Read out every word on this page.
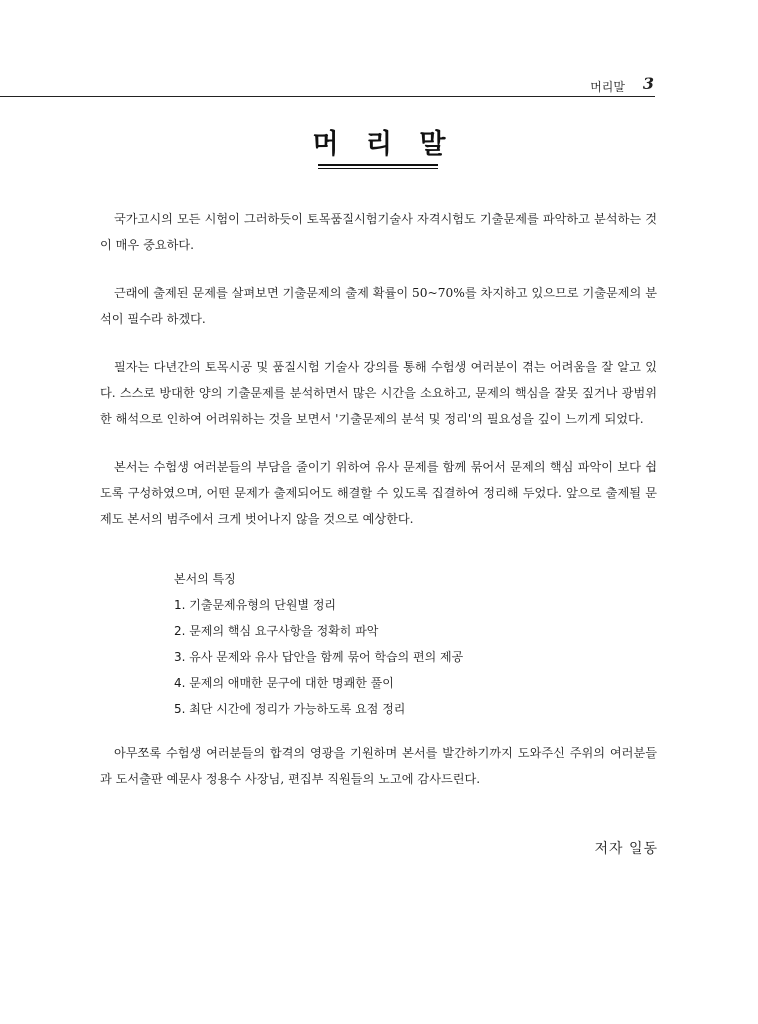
머리말 3
머 리 말

국가고시의 모든 시험이 그러하듯이 토목품질시험기술사 자격시험도 기출문제를 파악하고 분석하는 것이 매우 중요하다.

근래에 출제된 문제를 살펴보면 기출문제의 출제 확률이 50~70%를 차지하고 있으므로 기출문제의 분석이 필수라 하겠다.

필자는 다년간의 토목시공 및 품질시험 기술사 강의를 통해 수험생 여러분이 겪는 어려움을 잘 알고 있다. 스스로 방대한 양의 기출문제를 분석하면서 많은 시간을 소요하고, 문제의 핵심을 잘못 짚거나 광범위한 해석으로 인하여 어려워하는 것을 보면서 '기출문제의 분석 및 정리'의 필요성을 깊이 느끼게 되었다.

본서는 수험생 여러분들의 부담을 줄이기 위하여 유사 문제를 함께 묶어서 문제의 핵심 파악이 보다 쉽도록 구성하였으며, 어떤 문제가 출제되어도 해결할 수 있도록 집결하여 정리해 두었다. 앞으로 출제될 문제도 본서의 범주에서 크게 벗어나지 않을 것으로 예상한다.

본서의 특징

1. 기출문제유형의 단원별 정리
2. 문제의 핵심 요구사항을 정확히 파악
3. 유사 문제와 유사 답안을 함께 묶어 학습의 편의 제공
4. 문제의 애매한 문구에 대한 명쾌한 풀이
5. 최단 시간에 정리가 가능하도록 요점 정리

아무쪼록 수험생 여러분들의 합격의 영광을 기원하며 본서를 발간하기까지 도와주신 주위의 여러분들과 도서출판 예문사 정용수 사장님, 편집부 직원들의 노고에 감사드린다.

저자 일동
